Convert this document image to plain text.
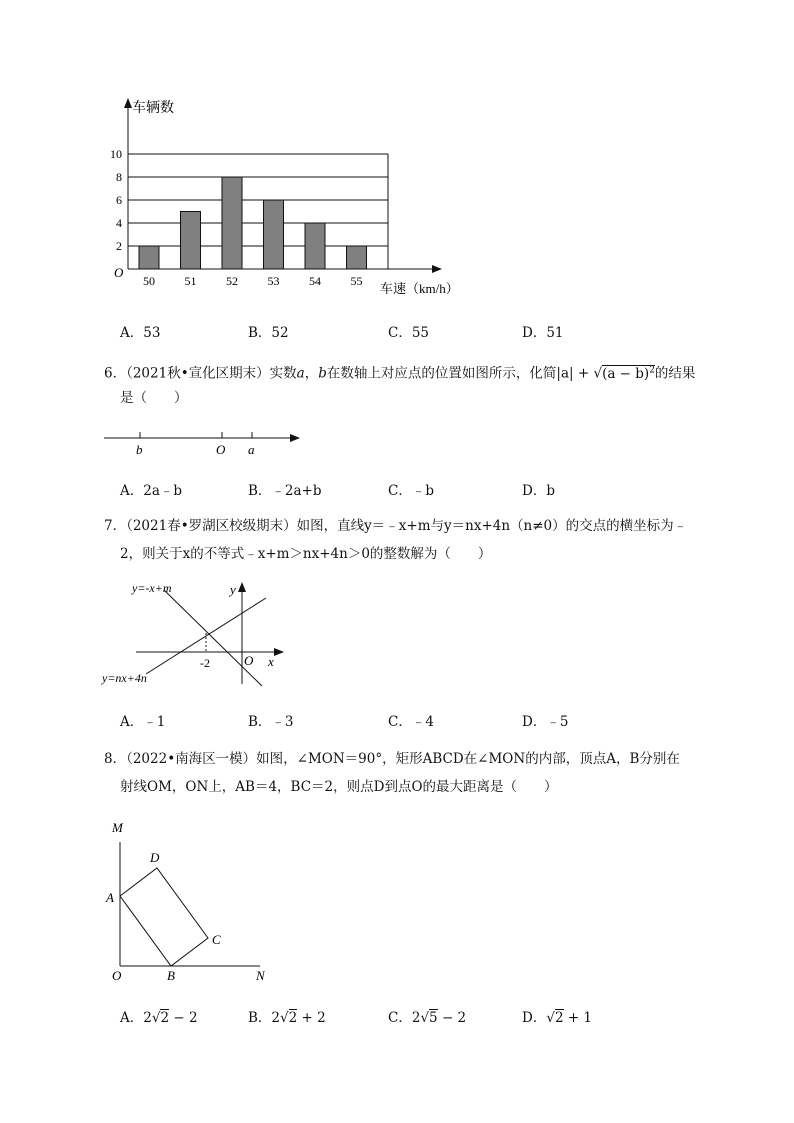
2
4
6
8
10
50 51 52 53 54 55
车辆数
车速（km/h）
O
A．53	B．52	C．55	D．51
6．（2021秋•宣化区期末）实数a，b在数轴上对应点的位置如图所示，化简$|a| + √(a - b)^2$的结果
是（　　）
b	O a
A．2a﹣b	B．﹣2a+b	C．﹣b	D．b
7．（2021春•罗湖区校级期末）如图，直线y＝﹣x+m与y＝nx+4n（n≠0）的交点的横坐标为﹣
2，则关于x的不等式﹣x+m＞nx+4n＞0的整数解为（　　）
y=-x+m
y=nx+4n
y
x
O
-2
A．﹣1	B．﹣3	C．﹣4	D．﹣5
8．（2022•南海区一模）如图，∠MON＝90°，矩形ABCD在∠MON的内部，顶点A，B分别在
射线OM，ON上，AB＝4，BC＝2，则点D到点O的最大距离是（　　）
M
D
A
C
O	B	N
A．2√2 − 2	B．2√2 + 2	C．2√5 − 2	D．√2 + 1
